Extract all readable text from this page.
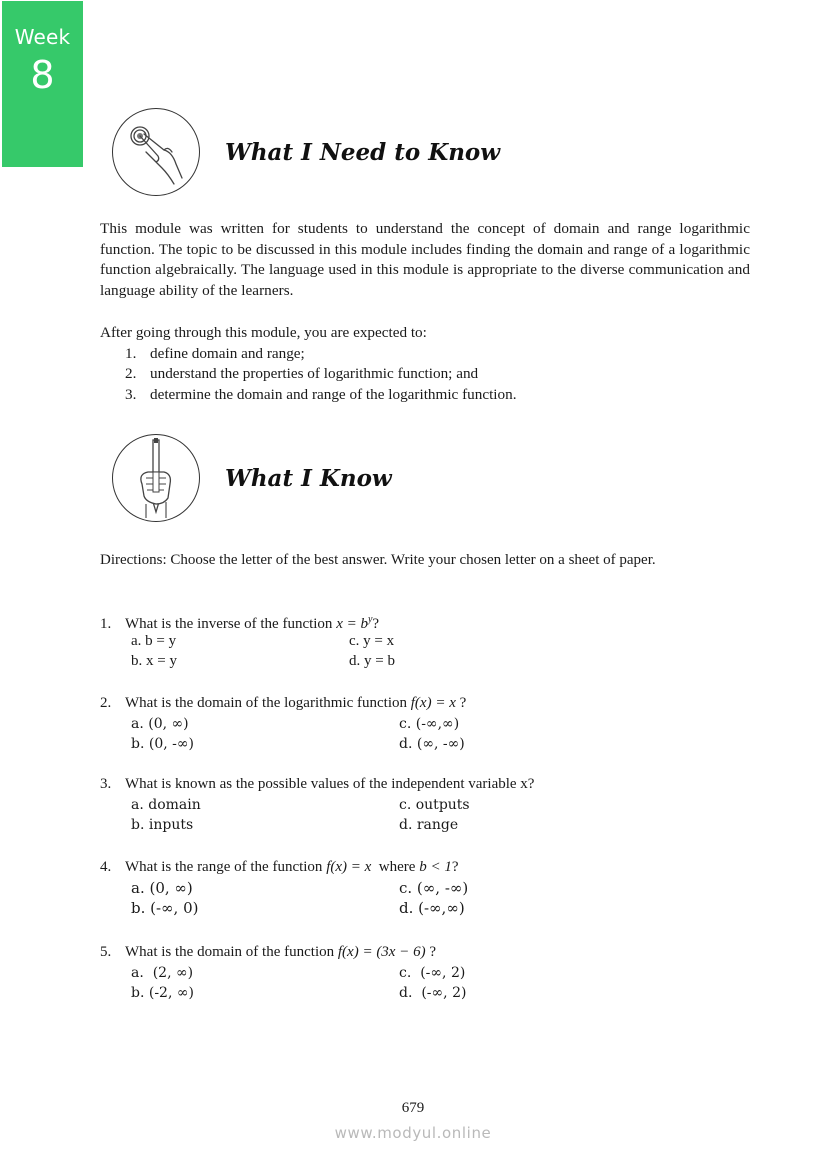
Week
8
What I Need to Know
This module was written for students to understand the concept of domain and range logarithmic function. The topic to be discussed in this module includes finding the domain and range of a logarithmic function algebraically. The language used in this module is appropriate to the diverse communication and language ability of the learners.
After going through this module, you are expected to:
1. define domain and range;
2. understand the properties of logarithmic function; and
3. determine the domain and range of the logarithmic function.
What I Know
Directions: Choose the letter of the best answer. Write your chosen letter on a sheet of paper.
1. What is the inverse of the function $x = b^y$?
a. b = y	c. y = x
b. x = y	d. y = b
2. What is the domain of the logarithmic function f(x) = x ?
a. (0, ∞)	c. (-∞,∞)
b. (0, -∞)	d. (∞, -∞)
3. What is known as the possible values of the independent variable x?
a. domain	c. outputs
b. inputs	d. range
4. What is the range of the function f(x) = x  where b < 1?
a. (0, ∞)	c. (∞, -∞)
b. (-∞, 0)	d. (-∞,∞)
5. What is the domain of the function f(x) = (3x − 6) ?
a.  (2, ∞)	c.  (-∞, 2)
b. (-2, ∞)	d.  (-∞, 2)
679
www.modyul.online
